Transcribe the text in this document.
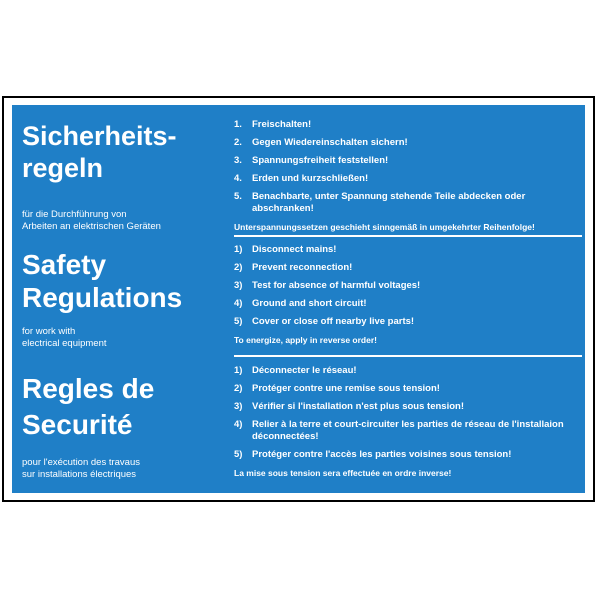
Sicherheits-
regeln
für die Durchführung von
Arbeiten an elektrischen Geräten
Safety
Regulations
for work with
electrical equipment
Regles de
Securité
pour l'exécution des travaus
sur installations électriques
1. Freischalten!
2. Gegen Wiedereinschalten sichern!
3. Spannungsfreiheit feststellen!
4. Erden und kurzschließen!
5. Benachbarte, unter Spannung stehende Teile abdecken oder abschranken!
Unterspannungssetzen geschieht sinngemäß in umgekehrter Reihenfolge!
1) Disconnect mains!
2) Prevent reconnection!
3) Test for absence of harmful voltages!
4) Ground and short circuit!
5) Cover or close off nearby live parts!
To energize, apply in reverse order!
1) Déconnecter le réseau!
2) Protéger contre une remise sous tension!
3) Vérifier si l'installation n'est plus sous tension!
4) Relier à la terre et court-circuiter les parties de réseau de l'installaion déconnectées!
5) Protéger contre l'accès les parties voisines sous tension!
La mise sous tension sera effectuée en ordre inverse!
